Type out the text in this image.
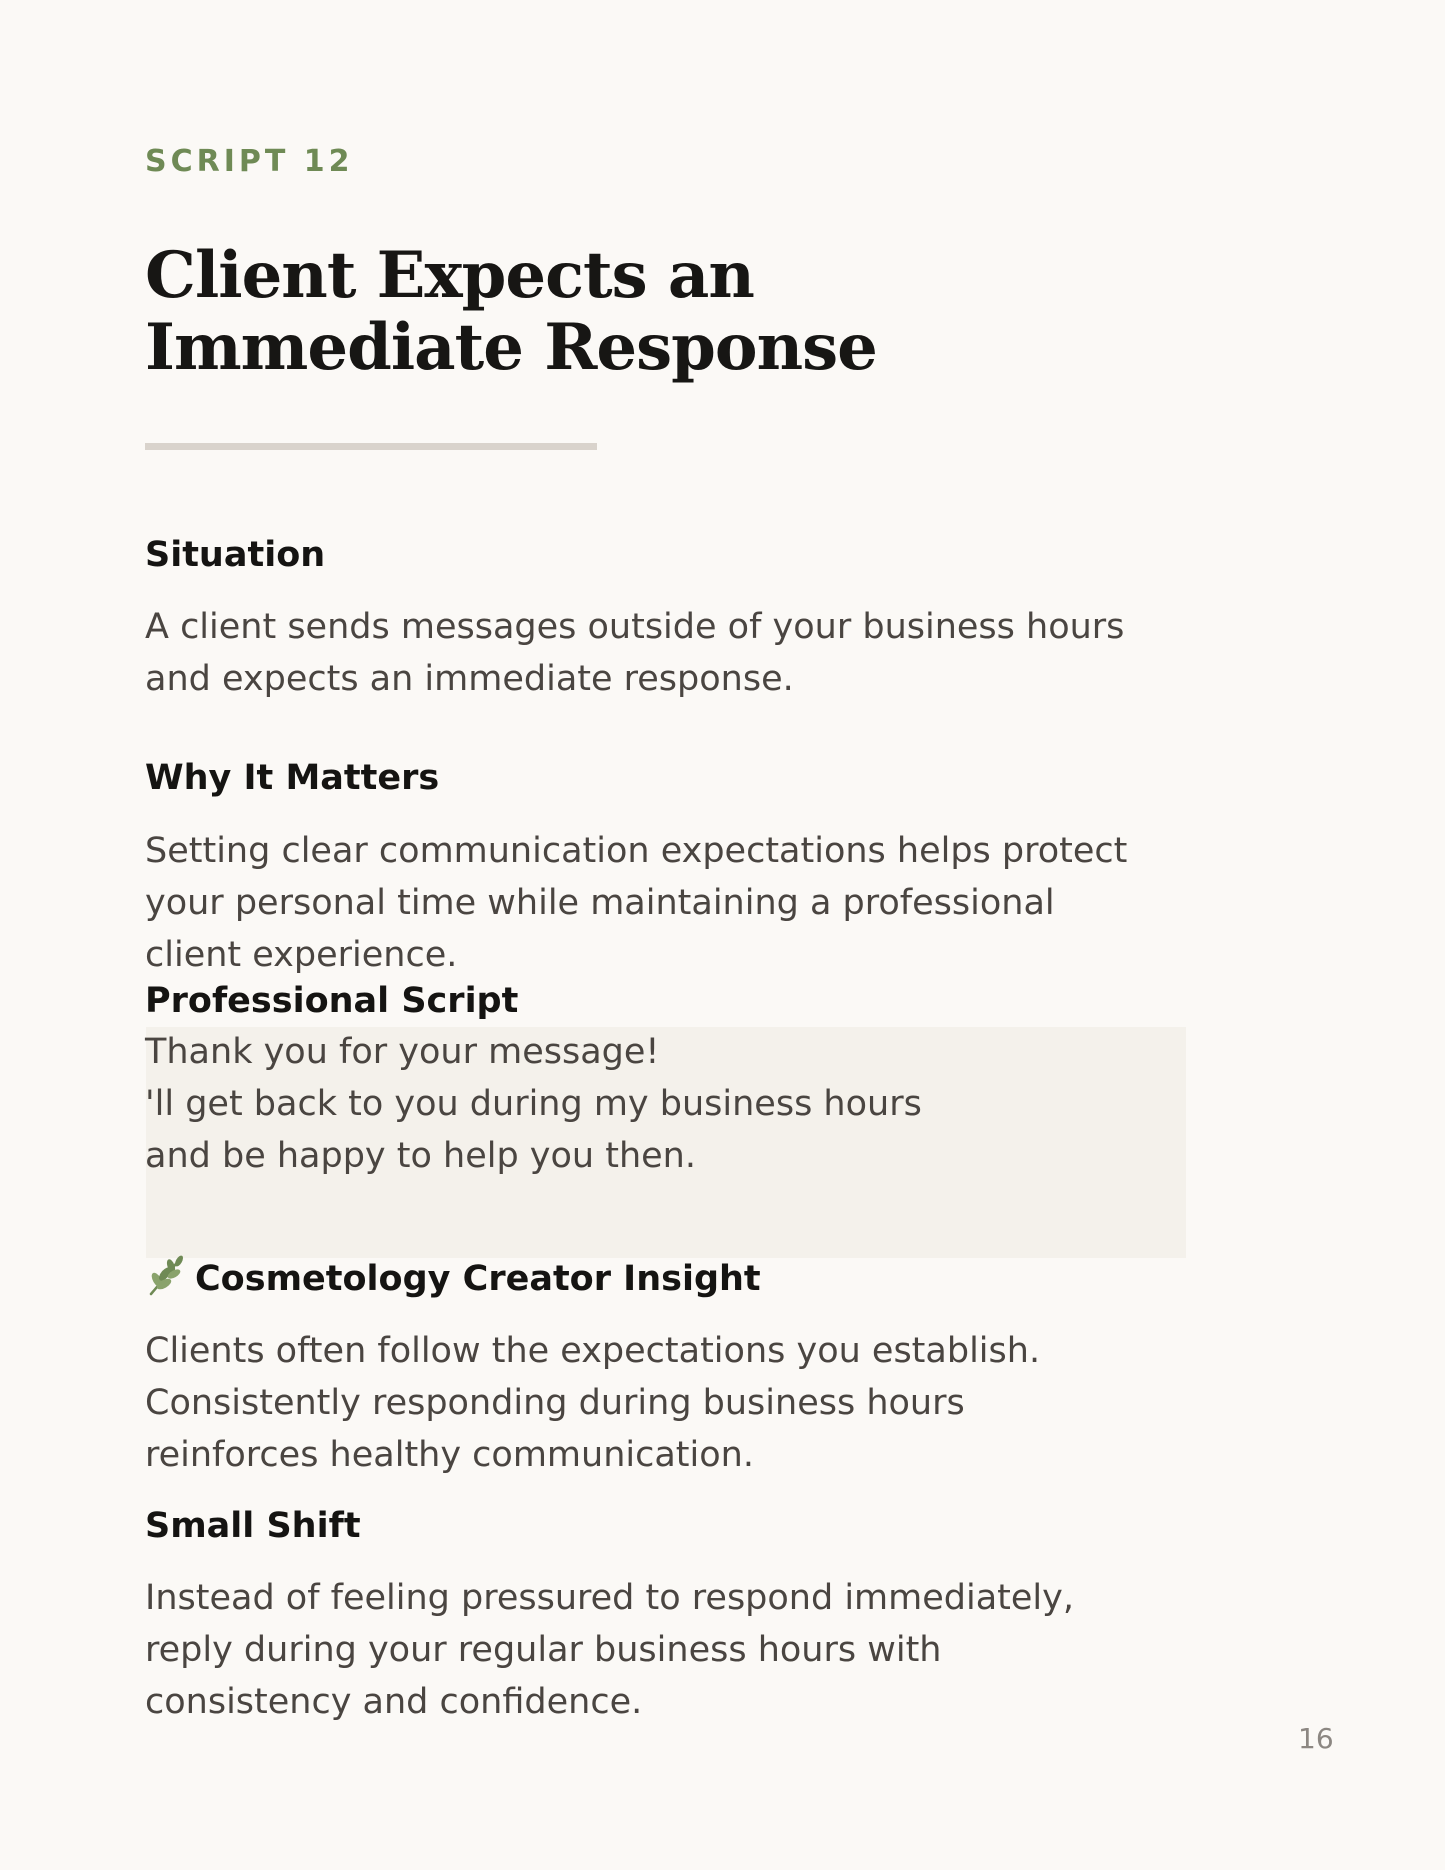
SCRIPT 12

Client Expects an
Immediate Response
Situation

A client sends messages outside of your business hours
and expects an immediate response.

Why It Matters

Setting clear communication expectations helps protect
your personal time while maintaining a professional
client experience.

Professional Script

Thank you for your message!
'll get back to you during my business hours
and be happy to help you then.

Cosmetology Creator Insight

Clients often follow the expectations you establish.
Consistently responding during business hours
reinforces healthy communication.

Small Shift

Instead of feeling pressured to respond immediately,
reply during your regular business hours with
consistency and confidence.

16
